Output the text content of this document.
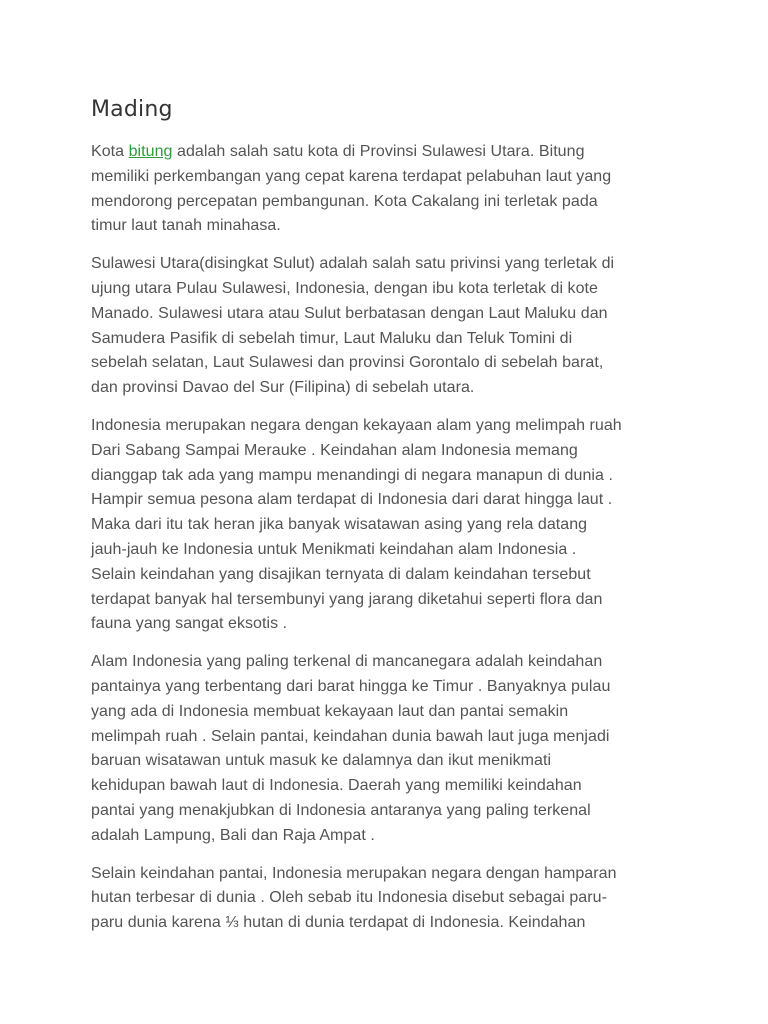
Mading

Kota bitung adalah salah satu kota di Provinsi Sulawesi Utara. Bitung
memiliki perkembangan yang cepat karena terdapat pelabuhan laut yang
mendorong percepatan pembangunan. Kota Cakalang ini terletak pada
timur laut tanah minahasa.

Sulawesi Utara(disingkat Sulut) adalah salah satu privinsi yang terletak di
ujung utara Pulau Sulawesi, Indonesia, dengan ibu kota terletak di kote
Manado. Sulawesi utara atau Sulut berbatasan dengan Laut Maluku dan
Samudera Pasifik di sebelah timur, Laut Maluku dan Teluk Tomini di
sebelah selatan, Laut Sulawesi dan provinsi Gorontalo di sebelah barat,
dan provinsi Davao del Sur (Filipina) di sebelah utara.

Indonesia merupakan negara dengan kekayaan alam yang melimpah ruah
Dari Sabang Sampai Merauke . Keindahan alam Indonesia memang
dianggap tak ada yang mampu menandingi di negara manapun di dunia .
Hampir semua pesona alam terdapat di Indonesia dari darat hingga laut .
Maka dari itu tak heran jika banyak wisatawan asing yang rela datang
jauh-jauh ke Indonesia untuk Menikmati keindahan alam Indonesia .
Selain keindahan yang disajikan ternyata di dalam keindahan tersebut
terdapat banyak hal tersembunyi yang jarang diketahui seperti flora dan
fauna yang sangat eksotis .

Alam Indonesia yang paling terkenal di mancanegara adalah keindahan
pantainya yang terbentang dari barat hingga ke Timur . Banyaknya pulau
yang ada di Indonesia membuat kekayaan laut dan pantai semakin
melimpah ruah . Selain pantai, keindahan dunia bawah laut juga menjadi
baruan wisatawan untuk masuk ke dalamnya dan ikut menikmati
kehidupan bawah laut di Indonesia. Daerah yang memiliki keindahan
pantai yang menakjubkan di Indonesia antaranya yang paling terkenal
adalah Lampung, Bali dan Raja Ampat .

Selain keindahan pantai, Indonesia merupakan negara dengan hamparan
hutan terbesar di dunia . Oleh sebab itu Indonesia disebut sebagai paru-
paru dunia karena ⅓ hutan di dunia terdapat di Indonesia. Keindahan
